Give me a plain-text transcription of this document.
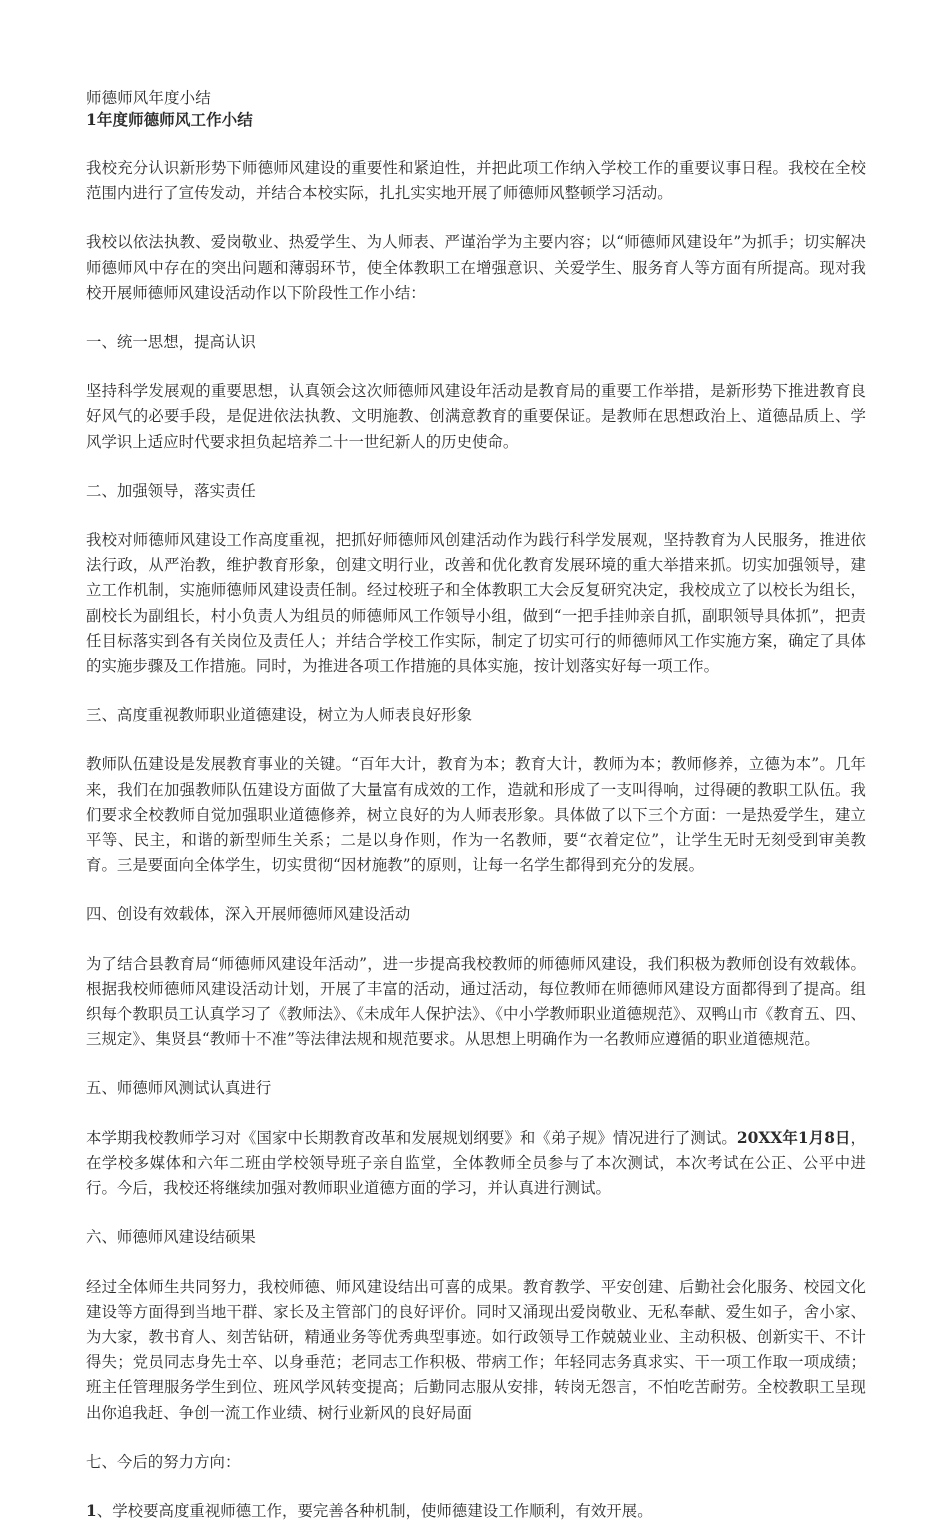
师德师风年度小结
1年度师德师风工作小结

我校充分认识新形势下师德师风建设的重要性和紧迫性，并把此项工作纳入学校工作的重要议事日程。我校在全校范围内进行了宣传发动，并结合本校实际，扎扎实实地开展了师德师风整顿学习活动。

我校以依法执教、爱岗敬业、热爱学生、为人师表、严谨治学为主要内容；以“师德师风建设年”为抓手；切实解决师德师风中存在的突出问题和薄弱环节，使全体教职工在增强意识、关爱学生、服务育人等方面有所提高。现对我校开展师德师风建设活动作以下阶段性工作小结：

一、统一思想，提高认识

坚持科学发展观的重要思想，认真领会这次师德师风建设年活动是教育局的重要工作举措，是新形势下推进教育良好风气的必要手段，是促进依法执教、文明施教、创满意教育的重要保证。是教师在思想政治上、道德品质上、学风学识上适应时代要求担负起培养二十一世纪新人的历史使命。

二、加强领导，落实责任

我校对师德师风建设工作高度重视，把抓好师德师风创建活动作为践行科学发展观，坚持教育为人民服务，推进依法行政，从严治教，维护教育形象，创建文明行业，改善和优化教育发展环境的重大举措来抓。切实加强领导，建立工作机制，实施师德师风建设责任制。经过校班子和全体教职工大会反复研究决定，我校成立了以校长为组长，副校长为副组长，村小负责人为组员的师德师风工作领导小组，做到“一把手挂帅亲自抓，副职领导具体抓”，把责任目标落实到各有关岗位及责任人；并结合学校工作实际，制定了切实可行的师德师风工作实施方案，确定了具体的实施步骤及工作措施。同时，为推进各项工作措施的具体实施，按计划落实好每一项工作。

三、高度重视教师职业道德建设，树立为人师表良好形象

教师队伍建设是发展教育事业的关键。“百年大计，教育为本；教育大计，教师为本；教师修养，立德为本”。几年来，我们在加强教师队伍建设方面做了大量富有成效的工作，造就和形成了一支叫得响，过得硬的教职工队伍。我们要求全校教师自觉加强职业道德修养，树立良好的为人师表形象。具体做了以下三个方面：一是热爱学生，建立平等、民主，和谐的新型师生关系；二是以身作则，作为一名教师，要“衣着定位”，让学生无时无刻受到审美教育。三是要面向全体学生，切实贯彻“因材施教”的原则，让每一名学生都得到充分的发展。

四、创设有效载体，深入开展师德师风建设活动

为了结合县教育局“师德师风建设年活动”，进一步提高我校教师的师德师风建设，我们积极为教师创设有效载体。根据我校师德师风建设活动计划，开展了丰富的活动，通过活动，每位教师在师德师风建设方面都得到了提高。组织每个教职员工认真学习了《教师法》、《未成年人保护法》、《中小学教师职业道德规范》、双鸭山市《教育五、四、三规定》、集贤县“教师十不准”等法律法规和规范要求。从思想上明确作为一名教师应遵循的职业道德规范。

五、师德师风测试认真进行

本学期我校教师学习对《国家中长期教育改革和发展规划纲要》和《弟子规》情况进行了测试。20XX年1月8日，在学校多媒体和六年二班由学校领导班子亲自监堂，全体教师全员参与了本次测试，本次考试在公正、公平中进行。今后，我校还将继续加强对教师职业道德方面的学习，并认真进行测试。

六、师德师风建设结硕果

经过全体师生共同努力，我校师德、师风建设结出可喜的成果。教育教学、平安创建、后勤社会化服务、校园文化建设等方面得到当地干群、家长及主管部门的良好评价。同时又涌现出爱岗敬业、无私奉献、爱生如子，舍小家、为大家，教书育人、刻苦钻研，精通业务等优秀典型事迹。如行政领导工作兢兢业业、主动积极、创新实干、不计得失；党员同志身先士卒、以身垂范；老同志工作积极、带病工作；年轻同志务真求实、干一项工作取一项成绩；班主任管理服务学生到位、班风学风转变提高；后勤同志服从安排，转岗无怨言，不怕吃苦耐劳。全校教职工呈现出你追我赶、争创一流工作业绩、树行业新风的良好局面

七、今后的努力方向：

1、学校要高度重视师德工作，要完善各种机制，使师德建设工作顺利，有效开展。
